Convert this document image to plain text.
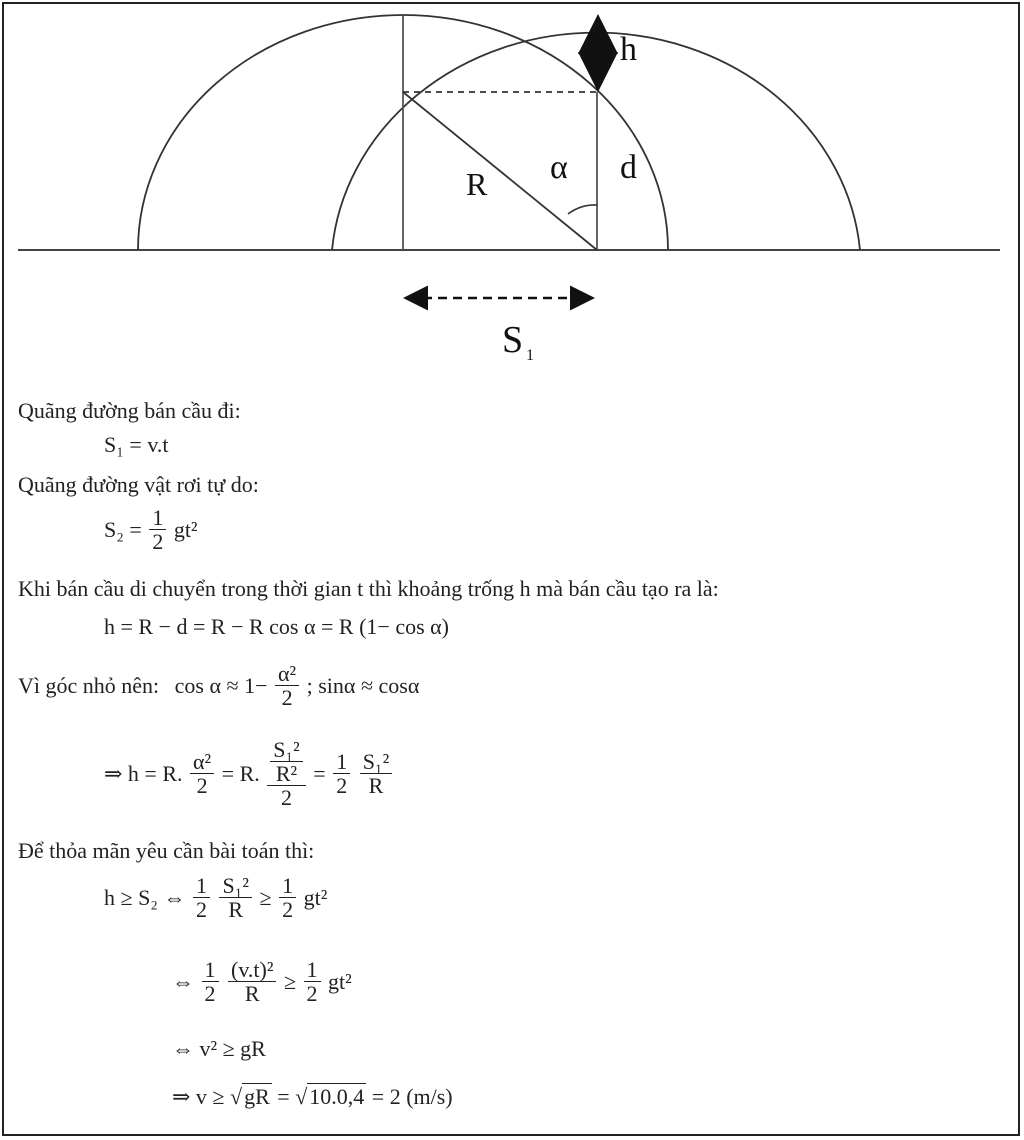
h
R α d
S 1
Quãng đường bán cầu đi:
S₁ = v.t
Quãng đường vật rơi tự do:
$S_2 = \frac{1}{2} gt^2$
Khi bán cầu di chuyển trong thời gian t thì khoảng trống h mà bán cầu tạo ra là:
h = R − d = R − R cos α = R (1− cos α)
Vì góc nhỏ nên: $\cos \alpha \approx 1- \frac{\text{α²}}{2}$ ; sinα ≈ cosα
⇒ h = R. $\frac{\text{α²}}{2} = R$. $\frac{\frac{\text{S₁²}}{\text{R²}}}{2} = \frac{1}{2}$
$\frac{\text{S₁²}}{R}$
Để thỏa mãn yêu cần bài toán thì:
h ≥ S₂ ⇔ $\frac{1}{2}$
$\frac{\text{S₁²}}{R} \ge \frac{1}{2} gt^2$
⇔ $\frac{1}{2}$
$\frac{\text{(v.t)²}}{R} \ge \frac{1}{2} gt^2$
⇔ v² ≥ gR
⇒ v ≥ √gR = √10.0,4 = 2 (m/s)
